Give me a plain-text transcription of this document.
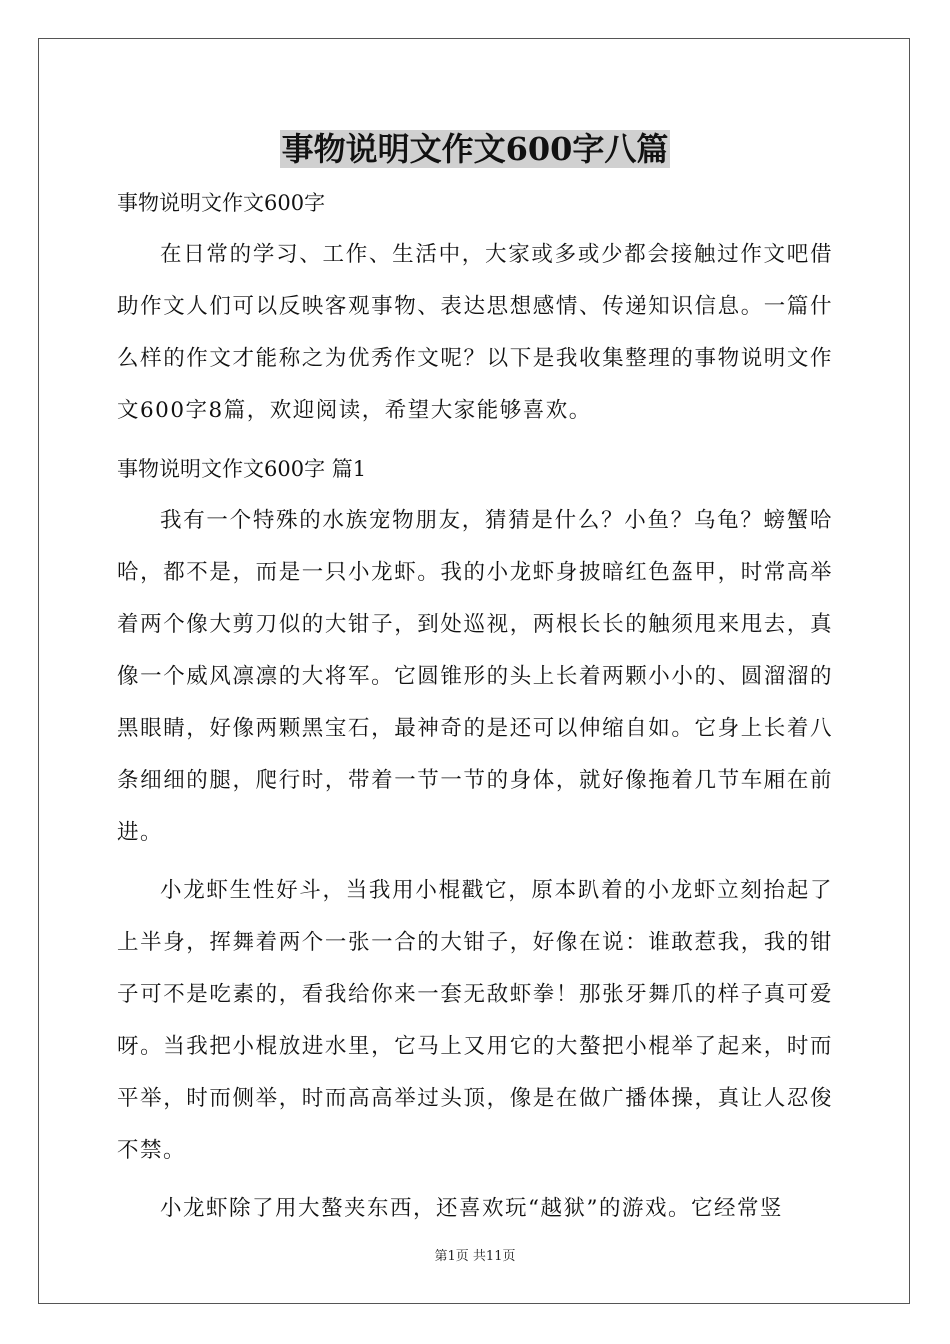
事物说明文作文600字八篇

事物说明文作文600字

在日常的学习、工作、生活中，大家或多或少都会接触过作文吧借助作文人们可以反映客观事物、表达思想感情、传递知识信息。一篇什么样的作文才能称之为优秀作文呢？以下是我收集整理的事物说明文作文600字8篇，欢迎阅读，希望大家能够喜欢。

事物说明文作文600字 篇1

我有一个特殊的水族宠物朋友，猜猜是什么？小鱼？乌龟？螃蟹哈哈，都不是，而是一只小龙虾。我的小龙虾身披暗红色盔甲，时常高举着两个像大剪刀似的大钳子，到处巡视，两根长长的触须甩来甩去，真像一个威风凛凛的大将军。它圆锥形的头上长着两颗小小的、圆溜溜的黑眼睛，好像两颗黑宝石，最神奇的是还可以伸缩自如。它身上长着八条细细的腿，爬行时，带着一节一节的身体，就好像拖着几节车厢在前进。

小龙虾生性好斗，当我用小棍戳它，原本趴着的小龙虾立刻抬起了上半身，挥舞着两个一张一合的大钳子，好像在说：谁敢惹我，我的钳子可不是吃素的，看我给你来一套无敌虾拳！那张牙舞爪的样子真可爱呀。当我把小棍放进水里，它马上又用它的大螯把小棍举了起来，时而平举，时而侧举，时而高高举过头顶，像是在做广播体操，真让人忍俊不禁。

小龙虾除了用大螯夹东西，还喜欢玩“越狱”的游戏。它经常竖

第1页 共11页
